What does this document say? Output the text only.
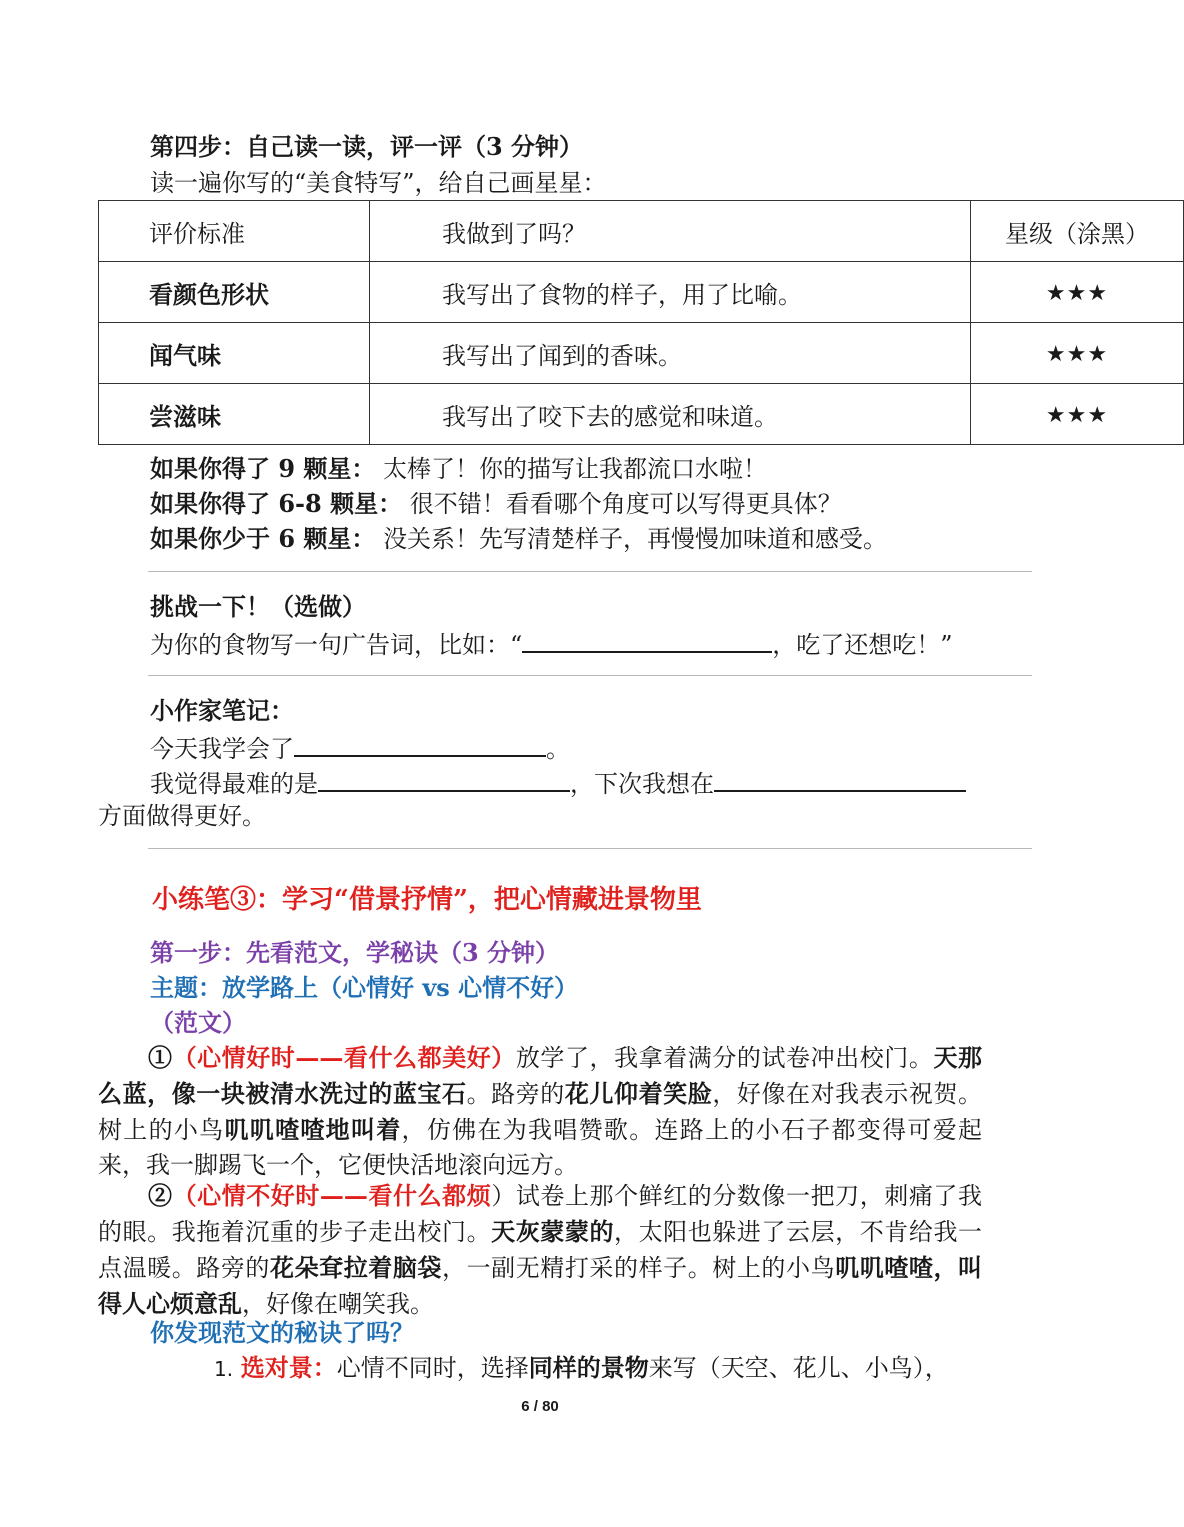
第四步：自己读一读，评一评（3 分钟）
读一遍你写的“美食特写”，给自己画星星：
评价标准	我做到了吗？	星级（涂黑）
看颜色形状	我写出了食物的样子，用了比喻。	★★★
闻气味	我写出了闻到的香味。	★★★
尝滋味	我写出了咬下去的感觉和味道。	★★★
如果你得了 9 颗星： 太棒了！你的描写让我都流口水啦！
如果你得了 6-8 颗星： 很不错！看看哪个角度可以写得更具体？
如果你少于 6 颗星： 没关系！先写清楚样子，再慢慢加味道和感受。
挑战一下！（选做）
为你的食物写一句广告词，比如：“	，吃了还想吃！”
小作家笔记：
今天我学会了	。
我觉得最难的是	，下次我想在
方面做得更好。
小练笔③：学习“借景抒情”，把心情藏进景物里
第一步：先看范文，学秘诀（3 分钟）
主题：放学路上（心情好 vs 心情不好）
（范文）
①（心情好时——看什么都美好）放学了，我拿着满分的试卷冲出校门。天那么蓝，像一块被清水洗过的蓝宝石。路旁的花儿仰着笑脸，好像在对我表示祝贺。树上的小鸟叽叽喳喳地叫着，仿佛在为我唱赞歌。连路上的小石子都变得可爱起来，我一脚踢飞一个，它便快活地滚向远方。
②（心情不好时——看什么都烦）试卷上那个鲜红的分数像一把刀，刺痛了我的眼。我拖着沉重的步子走出校门。天灰蒙蒙的，太阳也躲进了云层，不肯给我一点温暖。路旁的花朵耷拉着脑袋，一副无精打采的样子。树上的小鸟叽叽喳喳，叫得人心烦意乱，好像在嘲笑我。
你发现范文的秘诀了吗？
1. 选对景：心情不同时，选择同样的景物来写（天空、花儿、小鸟），
6 / 80
